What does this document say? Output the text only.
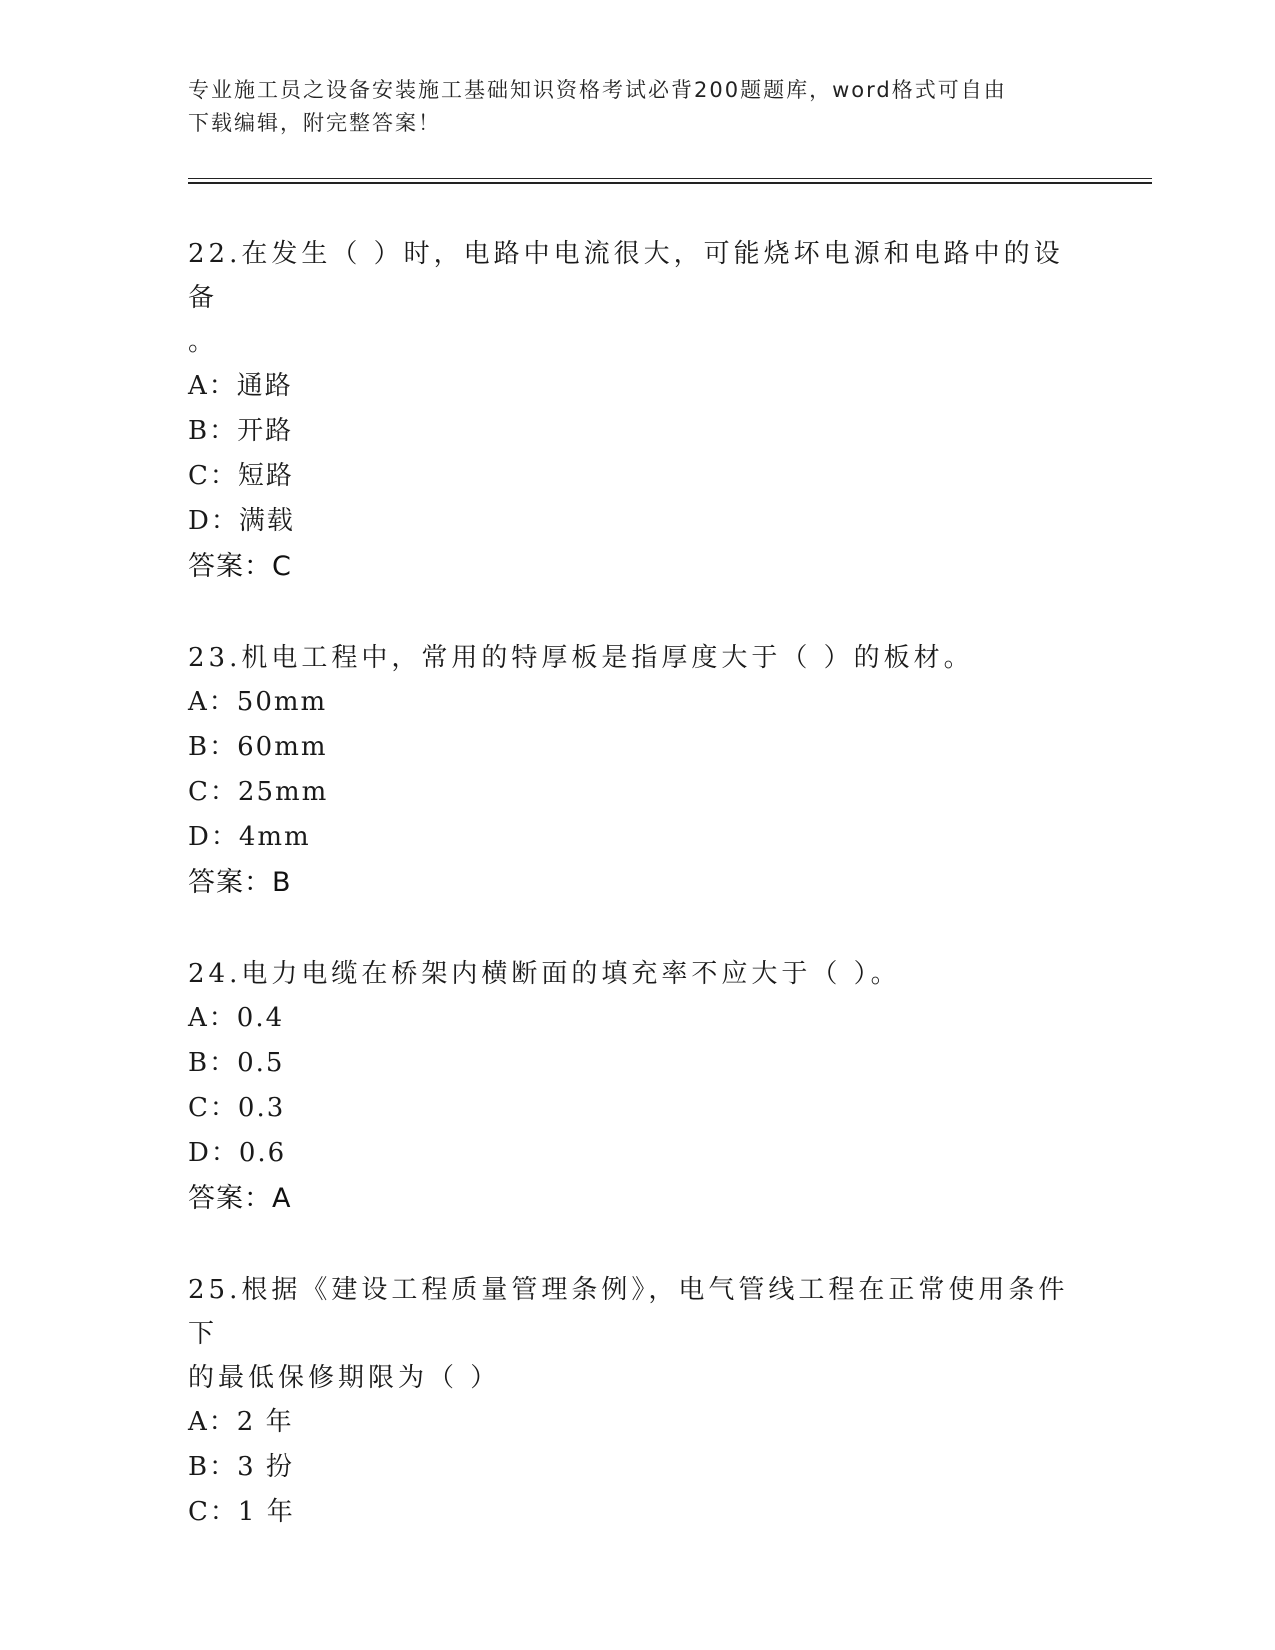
专业施工员之设备安装施工基础知识资格考试必背200题题库，word格式可自由
下载编辑，附完整答案！

22.在发生（ ）时，电路中电流很大，可能烧坏电源和电路中的设备
。

A：通路
B：开路
C：短路
D：满载
答案：C

23.机电工程中，常用的特厚板是指厚度大于（ ）的板材。

A：50mm
B：60mm
C：25mm
D：4mm
答案：B

24.电力电缆在桥架内横断面的填充率不应大于（ ）。

A：0.4
B：0.5
C：0.3
D：0.6
答案：A

25.根据《建设工程质量管理条例》，电气管线工程在正常使用条件下
的最低保修期限为（ ）

A：2 年
B：3 扮
C：1 年
